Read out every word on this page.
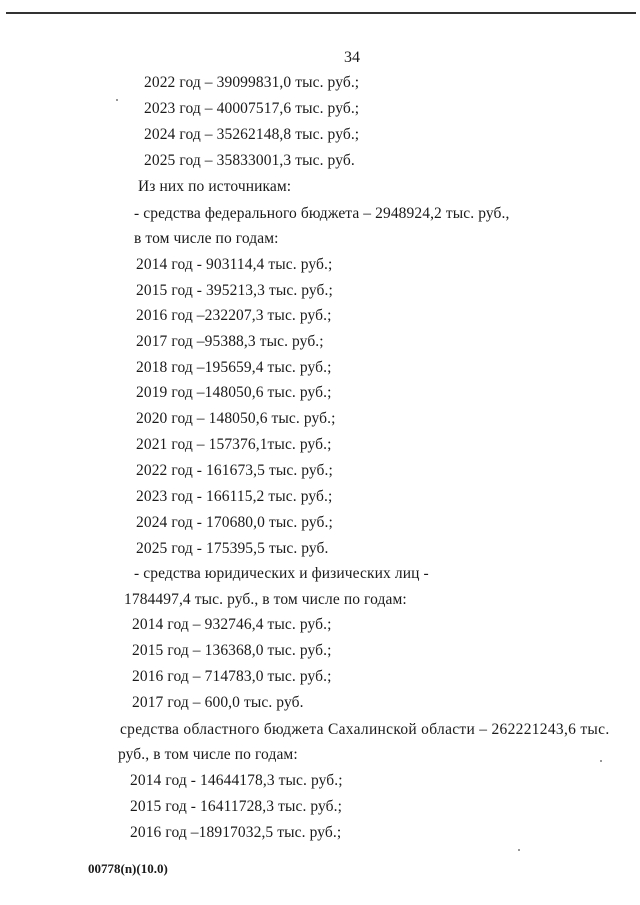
34
2022 год – 39099831,0 тыс. руб.;
2023 год – 40007517,6 тыс. руб.;
2024 год – 35262148,8 тыс. руб.;
2025 год – 35833001,3 тыс. руб.
Из них по источникам:
- средства федерального бюджета – 2948924,2 тыс. руб.,
в том числе по годам:
2014 год - 903114,4 тыс. руб.;
2015 год - 395213,3 тыс. руб.;
2016 год –232207,3 тыс. руб.;
2017 год –95388,3 тыс. руб.;
2018 год –195659,4 тыс. руб.;
2019 год –148050,6 тыс. руб.;
2020 год – 148050,6 тыс. руб.;
2021 год – 157376,1тыс. руб.;
2022 год - 161673,5 тыс. руб.;
2023 год - 166115,2 тыс. руб.;
2024 год - 170680,0 тыс. руб.;
2025 год - 175395,5 тыс. руб.
- средства юридических и физических лиц -
1784497,4 тыс. руб., в том числе по годам:
2014 год – 932746,4 тыс. руб.;
2015 год – 136368,0 тыс. руб.;
2016 год – 714783,0 тыс. руб.;
2017 год – 600,0 тыс. руб.
средства областного бюджета Сахалинской области – 262221243,6 тыс.
руб., в том числе по годам:
2014 год - 14644178,3 тыс. руб.;
2015 год - 16411728,3 тыс. руб.;
2016 год –18917032,5 тыс. руб.;
00778(n)(10.0)
